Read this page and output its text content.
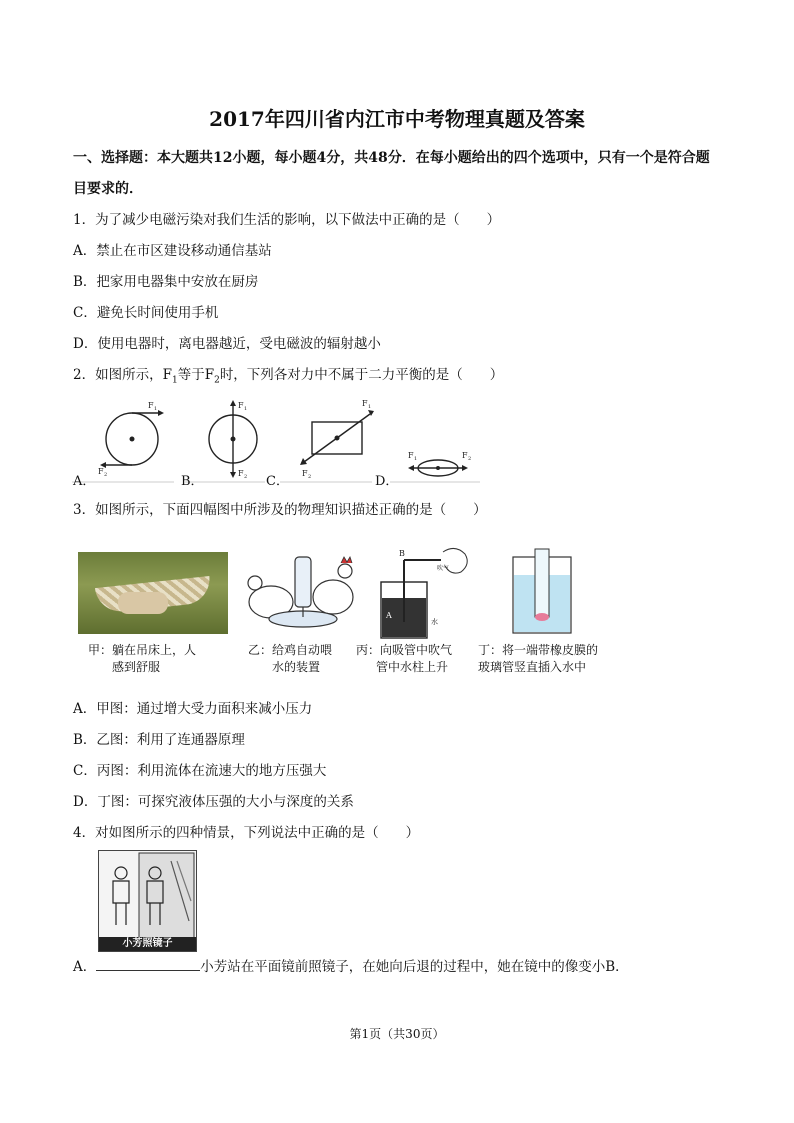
2017年四川省内江市中考物理真题及答案
一、选择题：本大题共12小题，每小题4分，共48分．在每小题给出的四个选项中，只有一个是符合题
目要求的．
1．为了减少电磁污染对我们生活的影响，以下做法中正确的是（　　）
A．禁止在市区建设移动通信基站
B．把家用电器集中安放在厨房
C．避免长时间使用手机
D．使用电器时，离电器越近，受电磁波的辐射越小
2．如图所示，$F_1$等于$F_2$时，下列各对力中不属于二力平衡的是（　　）
F 1
F 2
F 1
F 2
F 1
F 2
F 1	F 2
A．	B．	C．	D．
3．如图所示，下面四幅图中所涉及的物理知识描述正确的是（　　）
A
B
水
吹气
甲：躺在吊床上，人
感到舒服
乙：给鸡自动喂
水的装置
丙：向吸管中吹气
管中水柱上升
丁：将一端带橡皮膜的
玻璃管竖直插入水中
A．甲图：通过增大受力面积来减小压力
B．乙图：利用了连通器原理
C．丙图：利用流体在流速大的地方压强大
D．丁图：可探究液体压强的大小与深度的关系
4．对如图所示的四种情景，下列说法中正确的是（　　）
小芳照镜子
A．	小芳站在平面镜前照镜子，在她向后退的过程中，她在镜中的像变小B．
第1页（共30页）
